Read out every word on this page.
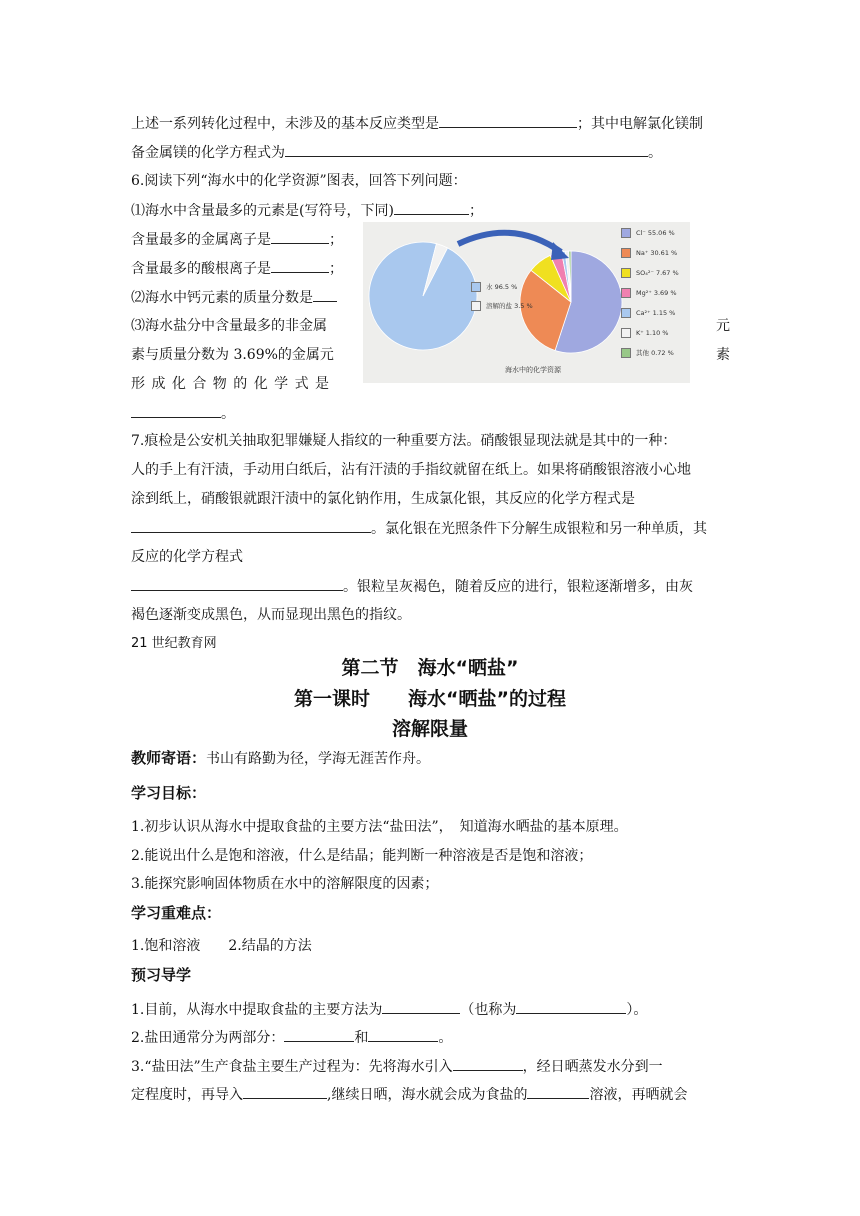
上述一系列转化过程中，未涉及的基本反应类型是	；其中电解氯化镁制
备金属镁的化学方程式为	。
6.阅读下列“海水中的化学资源”图表，回答下列问题：
⑴海水中含量最多的元素是(写符号，下同)	；
含量最多的金属离子是	；
含量最多的酸根离子是	；
⑵海水中钙元素的质量分数是
⑶海水盐分中含量最多的非金属	元
素与质量分数为 3.69%的金属元	素
形 成 化 合 物 的 化 学 式 是
。
海水中的化学资源
水 96.5 %
溶解的盐 3.5 %
Cl⁻ 55.06 %
Na⁺ 30.61 %
SO₄²⁻ 7.67 %
Mg²⁺ 3.69 %
Ca²⁺ 1.15 %
K⁺ 1.10 %
其他 0.72 %
7.痕检是公安机关抽取犯罪嫌疑人指纹的一种重要方法。硝酸银显现法就是其中的一种：
人的手上有汗渍，手动用白纸后，沾有汗渍的手指纹就留在纸上。如果将硝酸银溶液小心地
涂到纸上，硝酸银就跟汗渍中的氯化钠作用，生成氯化银，其反应的化学方程式是
。氯化银在光照条件下分解生成银粒和另一种单质，其
反应的化学方程式
。银粒呈灰褐色，随着反应的进行，银粒逐渐增多，由灰
褐色逐渐变成黑色，从而显现出黑色的指纹。
21 世纪教育网
第二节　海水“晒盐”
第一课时　　海水“晒盐”的过程
溶解限量
教师寄语：书山有路勤为径，学海无涯苦作舟。
学习目标：
1.初步认识从海水中提取食盐的主要方法“盐田法”，　知道海水晒盐的基本原理。
2.能说出什么是饱和溶液，什么是结晶；能判断一种溶液是否是饱和溶液；
3.能探究影响固体物质在水中的溶解限度的因素；
学习重难点：
1.饱和溶液　　2.结晶的方法
预习导学
1.目前，从海水中提取食盐的主要方法为	（也称为	）。
2.盐田通常分为两部分：	和	。
3.“盐田法”生产食盐主要生产过程为：先将海水引入	，经日晒蒸发水分到一
定程度时，再导入	,继续日晒，海水就会成为食盐的	溶液，再晒就会
